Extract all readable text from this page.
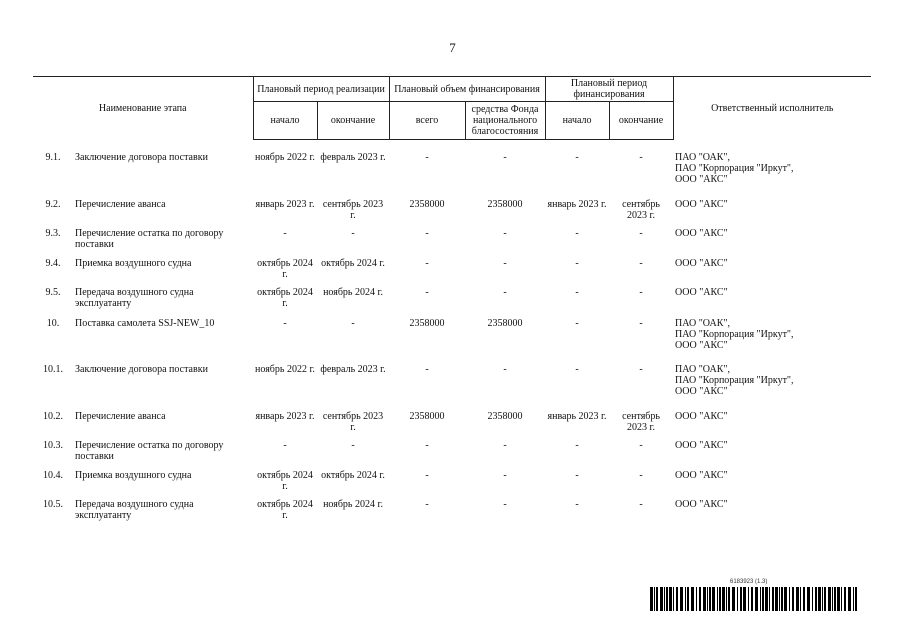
7
Наименование этапа		Плановый период реализации		Плановый объем финансирования		Плановый период финансирования		Ответственный исполнитель
		начало	окончание	всего	средства Фонда национального благосостояния	начало	окончание	
9.1.	Заключение договора поставки	ноябрь 2022 г.	февраль 2023 г.	-	-	-	-	ПАО "ОАК",
ПАО "Корпорация "Иркут",
ООО "АКС"

9.2.	Перечисление аванса	январь 2023 г.	сентябрь 2023 г.	2358000	2358000	январь 2023 г.	сентябрь 2023 г.	ООО "АКС"

9.3.	Перечисление остатка по договору поставки	-	-	-	-	-	-	ООО "АКС"

9.4.	Приемка воздушного судна	октябрь 2024 г.	октябрь 2024 г.	-	-	-	-	ООО "АКС"

9.5.	Передача воздушного судна эксплуатанту	октябрь 2024 г.	ноябрь 2024 г.	-	-	-	-	ООО "АКС"

10.	Поставка самолета SSJ-NEW_10	-	-	2358000	2358000	-	-	ПАО "ОАК",
ПАО "Корпорация "Иркут",
ООО "АКС"

10.1.	Заключение договора поставки	ноябрь 2022 г.	февраль 2023 г.	-	-	-	-	ПАО "ОАК",
ПАО "Корпорация "Иркут",
ООО "АКС"

10.2.	Перечисление аванса	январь 2023 г.	сентябрь 2023 г.	2358000	2358000	январь 2023 г.	сентябрь 2023 г.	ООО "АКС"

10.3.	Перечисление остатка по договору поставки	-	-	-	-	-	-	ООО "АКС"

10.4.	Приемка воздушного судна	октябрь 2024 г.	октябрь 2024 г.	-	-	-	-	ООО "АКС"

10.5.	Передача воздушного судна эксплуатанту	октябрь 2024 г.	ноябрь 2024 г.	-	-	-	-	ООО "АКС"
6183923 (1.3)
